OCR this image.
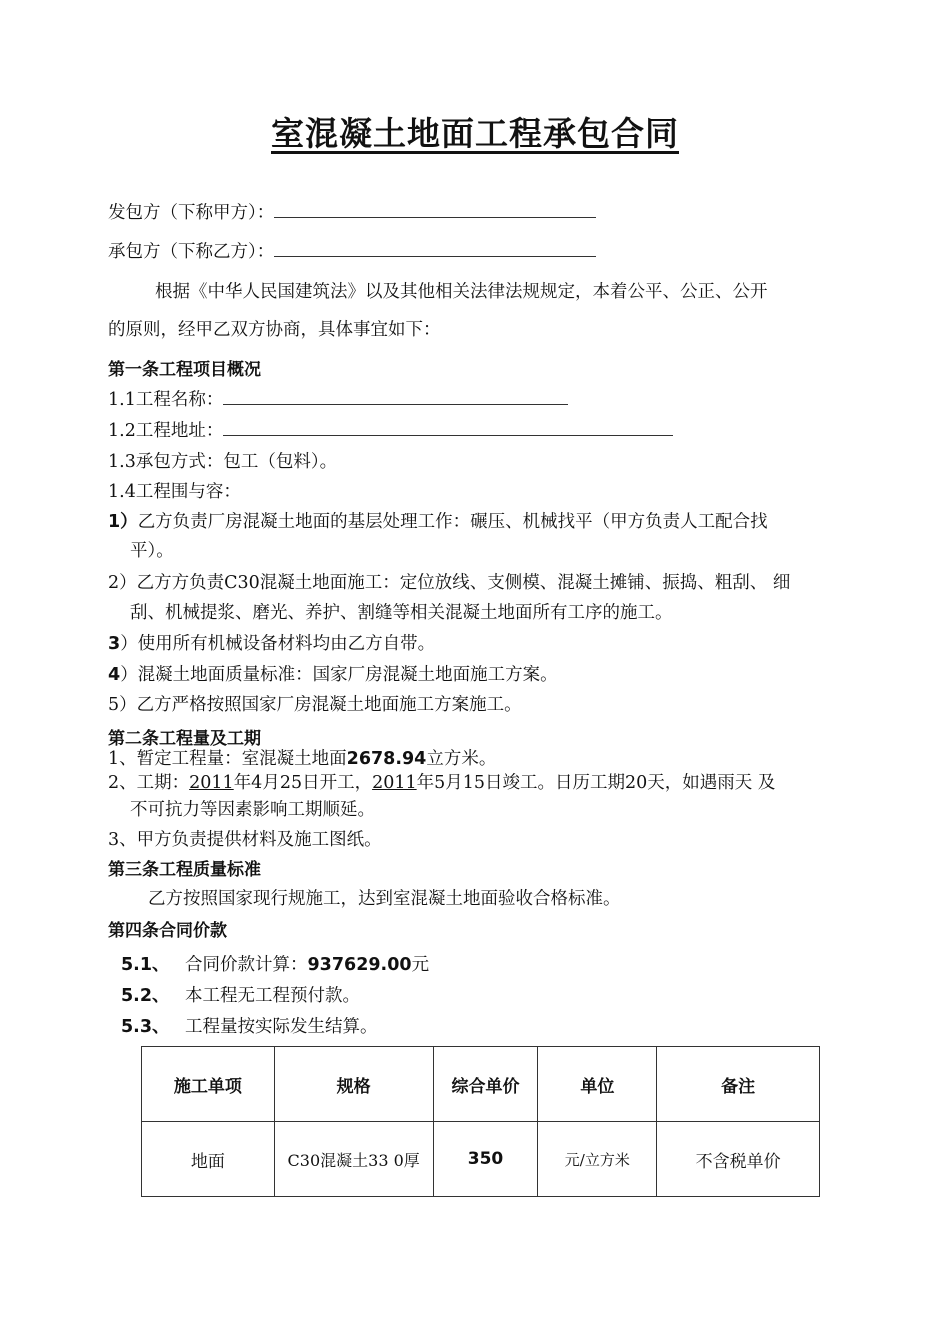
室混凝土地面工程承包合同
发包方（下称甲方）：
承包方（下称乙方）：
根据《中华人民国建筑法》以及其他相关法律法规规定，本着公平、公正、公开
的原则，经甲乙双方协商，具体事宜如下：
第一条工程项目概况
1.1工程名称：
1.2工程地址：
1.3承包方式：包工（包料）。
1.4工程围与容：
1）乙方负责厂房混凝土地面的基层处理工作：碾压、机械找平（甲方负责人工配合找
平）。
2）乙方方负责C30混凝土地面施工：定位放线、支侧模、混凝土摊铺、振捣、粗刮、 细
刮、机械提浆、磨光、养护、割缝等相关混凝土地面所有工序的施工。
3）使用所有机械设备材料均由乙方自带。
4）混凝土地面质量标准：国家厂房混凝土地面施工方案。
5）乙方严格按照国家厂房混凝土地面施工方案施工。
第二条工程量及工期
1、暂定工程量：室混凝土地面2678.94立方米。
2、工期：2011年4月25日开工，2011年5月15日竣工。日历工期20天，如遇雨天 及
不可抗力等因素影响工期顺延。
3、甲方负责提供材料及施工图纸。
第三条工程质量标准
乙方按照国家现行规施工，达到室混凝土地面验收合格标准。
第四条合同价款
5.1、 合同价款计算：937629.00元
5.2、 本工程无工程预付款。
5.3、 工程量按实际发生结算。
施工单项	规格	综合单价	单位	备注
地面	C30混凝土33 0厚	350	元/立方米	不含税单价
